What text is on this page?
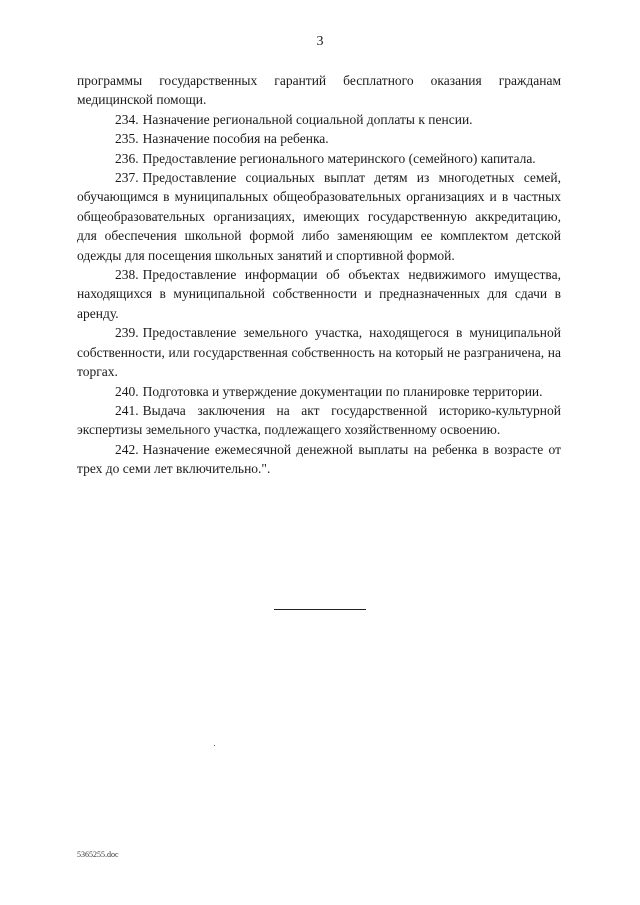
3

программы государственных гарантий бесплатного оказания гражданам медицинской помощи.

234. Назначение региональной социальной доплаты к пенсии.

235. Назначение пособия на ребенка.

236. Предоставление регионального материнского (семейного) капитала.

237. Предоставление социальных выплат детям из многодетных семей, обучающимся в муниципальных общеобразовательных организациях и в частных общеобразовательных организациях, имеющих государственную аккредитацию, для обеспечения школьной формой либо заменяющим ее комплектом детской одежды для посещения школьных занятий и спортивной формой.

238. Предоставление информации об объектах недвижимого имущества, находящихся в муниципальной собственности и предназначенных для сдачи в аренду.

239. Предоставление земельного участка, находящегося в муниципальной собственности, или государственная собственность на который не разграничена, на торгах.

240. Подготовка и утверждение документации по планировке территории.

241. Выдача заключения на акт государственной историко-культурной экспертизы земельного участка, подлежащего хозяйственному освоению.

242. Назначение ежемесячной денежной выплаты на ребенка в возрасте от трех до семи лет включительно.".

5365255.doc
